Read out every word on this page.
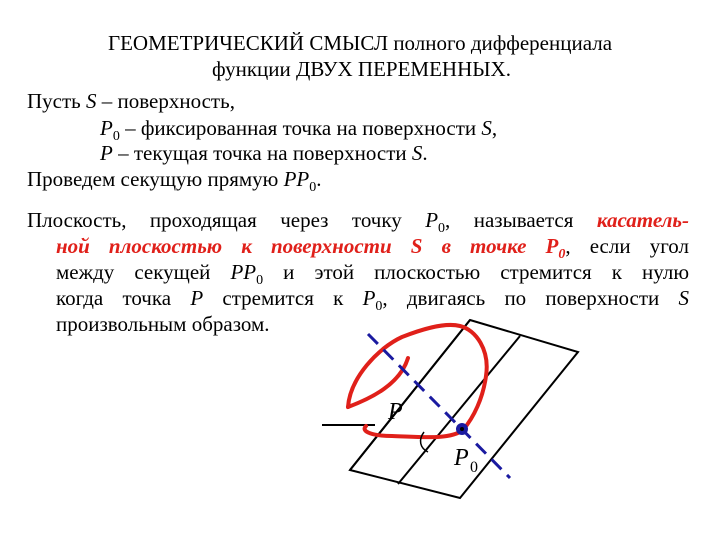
ГЕОМЕТРИЧЕСКИЙ СМЫСЛ полного дифференциала
функции ДВУХ ПЕРЕМЕННЫХ.
Пусть S – поверхность,
$P_0$ – фиксированная точка на поверхности S,
P – текущая точка на поверхности S.
Проведем секущую прямую $PP_0$.
Плоскость, проходящая через точку $P_0$, называется касатель-
ной плоскостью к поверхности S в точке $P_0$, если угол
между секущей $PP_0$ и этой плоскостью стремится к нулю
когда точка P стремится к $P_0$, двигаясь по поверхности S
произвольным образом.
P
P 0
